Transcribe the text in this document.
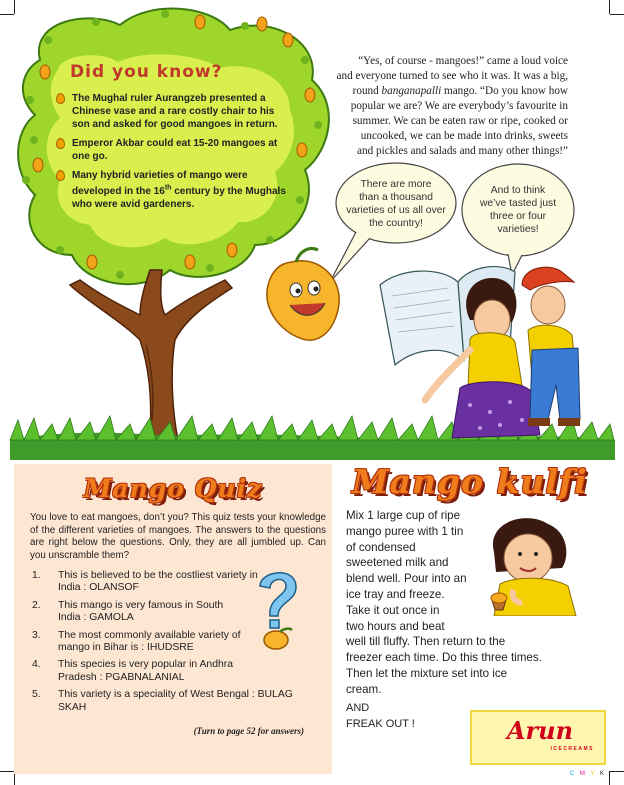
Did you know?
The Mughal ruler Aurangzeb presented a Chinese vase and a rare costly chair to his son and asked for good mangoes in return.
Emperor Akbar could eat 15-20 mangoes at one go.
Many hybrid varieties of mango were developed in the 16th century by the Mughals who were avid gardeners.
“Yes, of course - mangoes!” came a loud voice
and everyone turned to see who it was. It was a big,
round banganapalli mango. “Do you know how
popular we are? We are everybody’s favourite in
summer. We can be eaten raw or ripe, cooked or
uncooked, we can be made into drinks, sweets
and pickles and salads and many other things!”
There are more
than a thousand
varieties of us all over
the country!
And to think
we’ve tasted just
three or four
varieties!
Mango Quiz
You love to eat mangoes, don’t you? This quiz tests your knowledge of the different varieties of mangoes. The answers to the questions are right below the questions. Only, they are all jumbled up. Can you unscramble them?
1. This is believed to be the costliest variety in India : OLANSOF
2. This mango is very famous in South India : GAMOLA
3. The most commonly available variety of mango in Bihar is : IHUDSRE
4. This species is very popular in Andhra Pradesh : PGABNALANIAL
5. This variety is a speciality of West Bengal : BULAG SKAH
(Turn to page 52 for answers)
Mango kulfi
Mix 1 large cup of ripe
mango puree with 1 tin
of condensed
sweetened milk and
blend well. Pour into an
ice tray and freeze.
Take it out once in
two hours and beat
well till fluffy. Then return to the
freezer each time. Do this three times.
Then let the mixture set into ice
cream.
AND
FREAK OUT !	Arun
ICECREAMS
C M Y K
